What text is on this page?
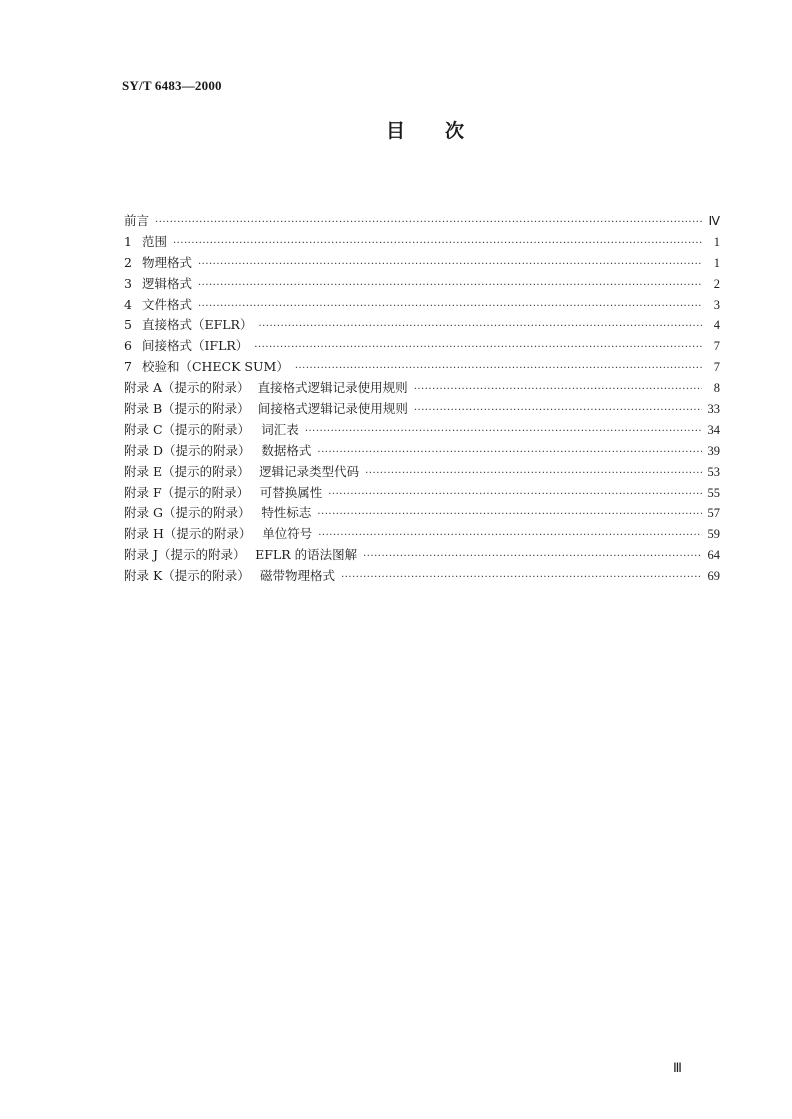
SY/T 6483—2000
目次
前言 ·····	Ⅳ
1 范围 ·····	1
2 物理格式 ·····	1
3 逻辑格式 ·····	2
4 文件格式 ·····	3
5 直接格式（EFLR） ·····	4
6 间接格式（IFLR） ·····	7
7 校验和（CHECK SUM） ·····	7
附录 A（提示的附录） 直接格式逻辑记录使用规则 ·····	8
附录 B（提示的附录） 间接格式逻辑记录使用规则 ·····	33
附录 C（提示的附录） 词汇表 ·····	34
附录 D（提示的附录） 数据格式 ·····	39
附录 E（提示的附录） 逻辑记录类型代码 ·····	53
附录 F（提示的附录） 可替换属性 ·····	55
附录 G（提示的附录） 特性标志 ·····	57
附录 H（提示的附录） 单位符号 ·····	59
附录 J（提示的附录） EFLR 的语法图解 ·····	64
附录 K（提示的附录） 磁带物理格式 ·····	69
Ⅲ
